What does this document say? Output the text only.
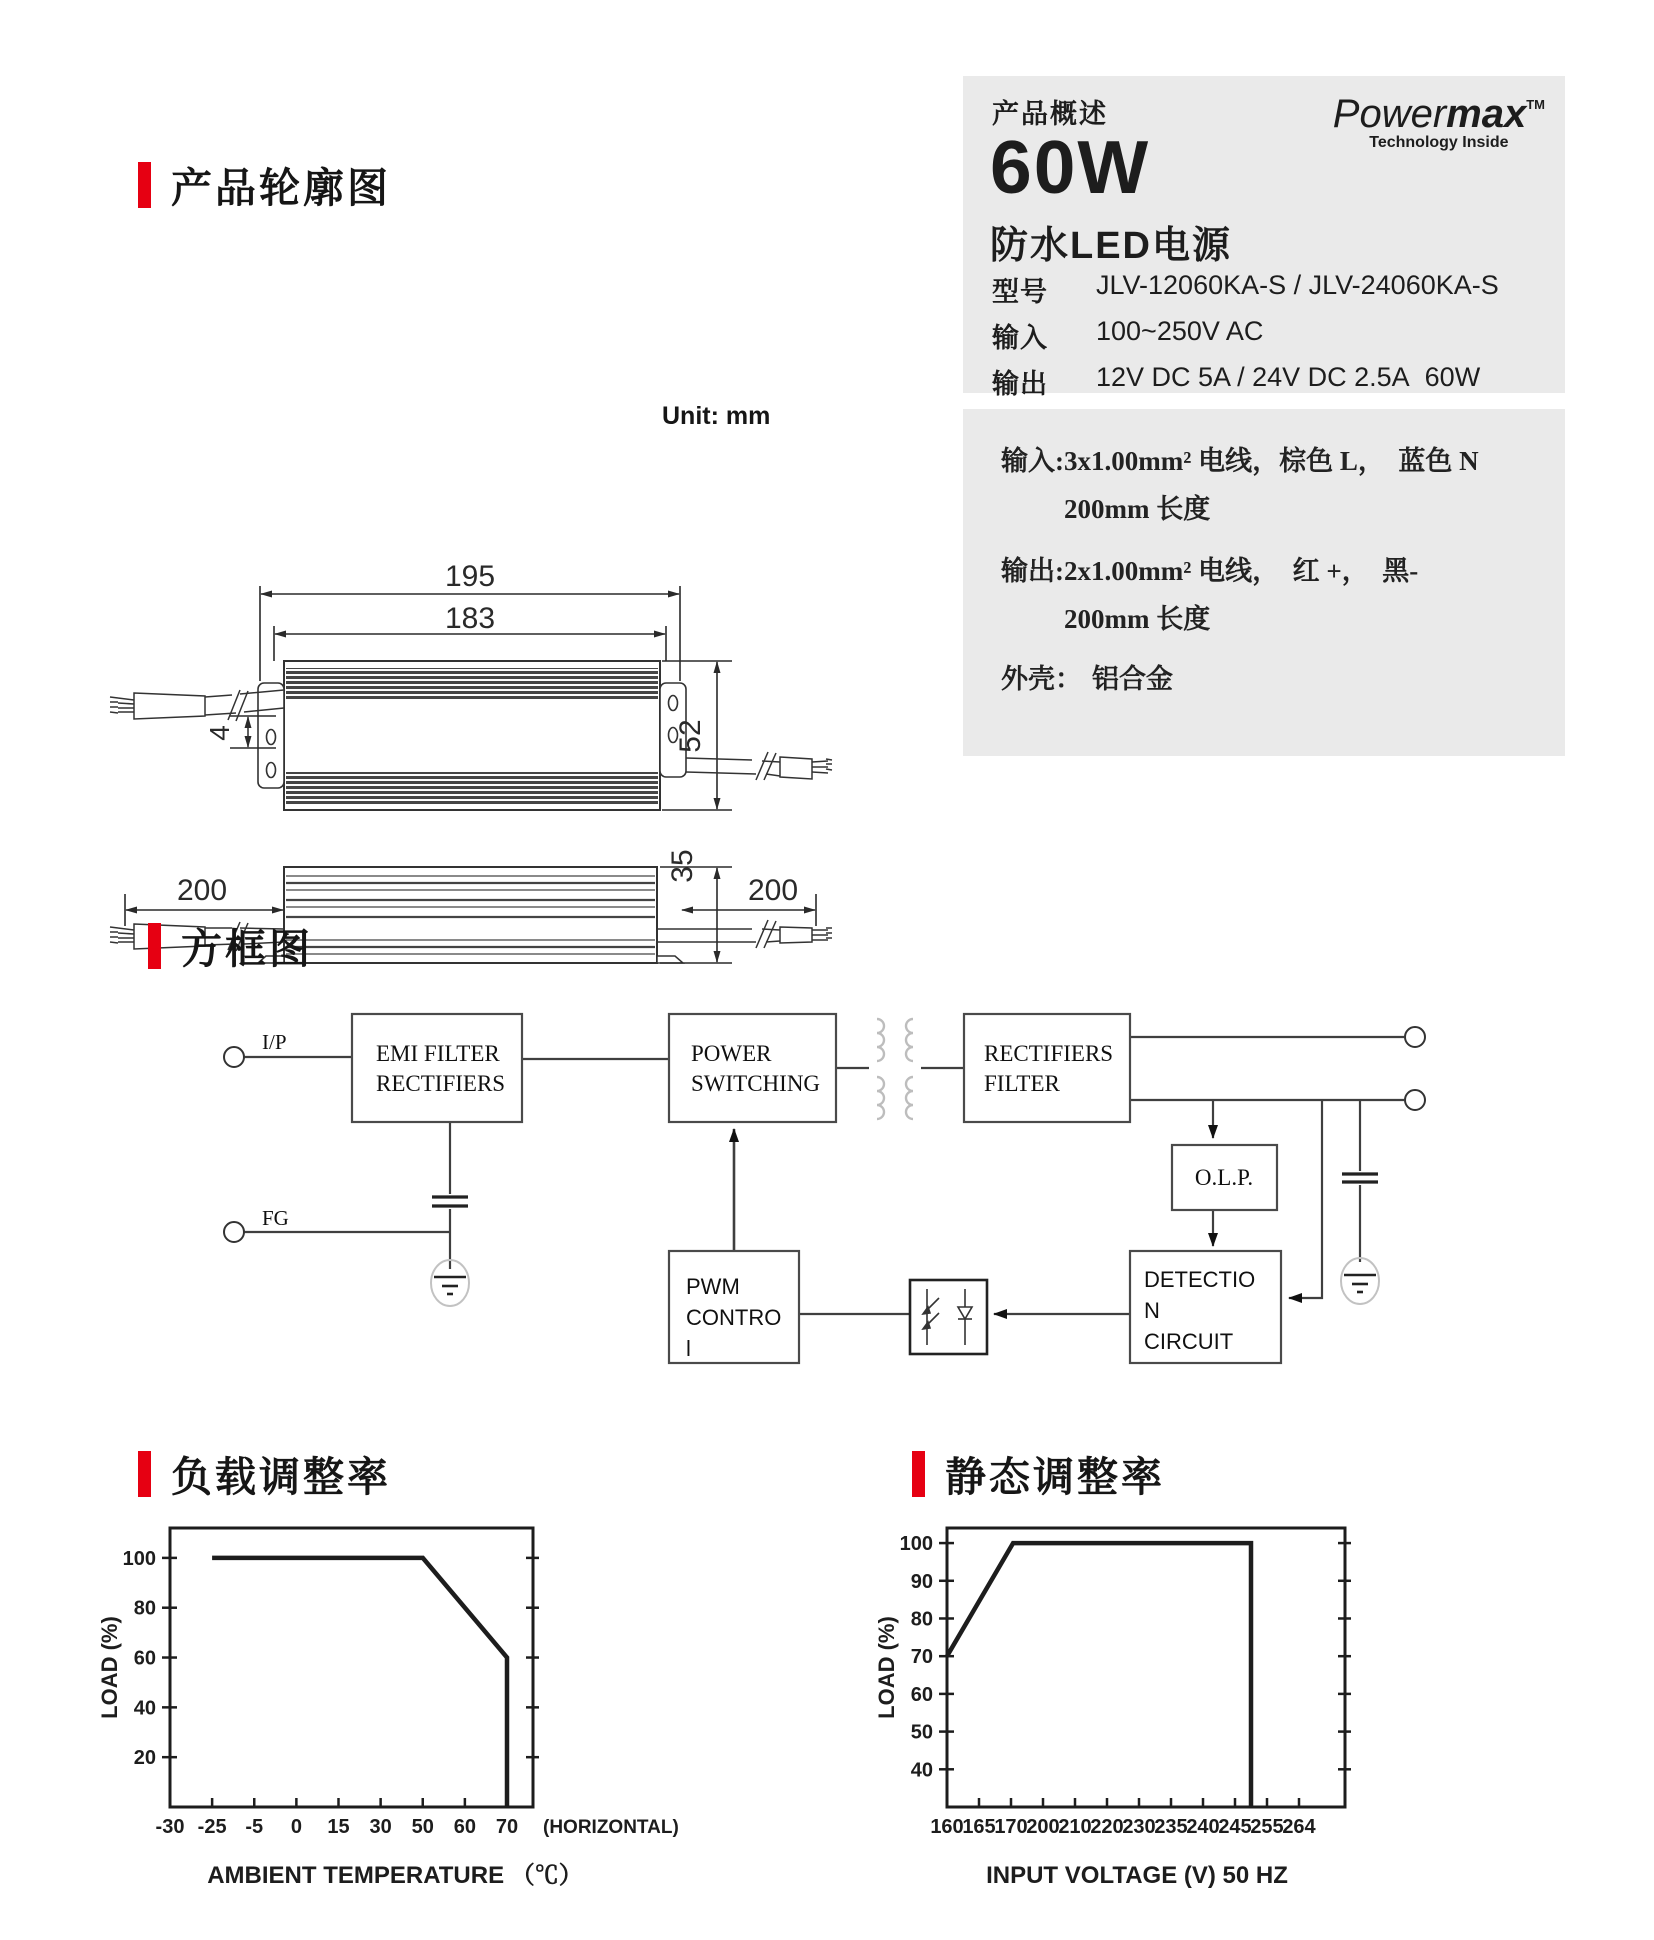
产品轮廓图
Unit: mm
195
183
52
4
200
35
200
产品概述	Powermax™
Technology Inside
60W
防水LED电源
型号	JLV-12060KA-S / JLV-24060KA-S
输入	100~250V AC
输出	12V DC 5A / 24V DC 2.5A  60W
输入: 3x1.00mm² 电线，棕色 L，　蓝色 N
200mm 长度
输出: 2x1.00mm² 电线，　红 +，　黑-
200mm 长度
外壳： 铝合金
方框图
I/P
FG
EMI FILTER
RECTIFIERS
POWER
SWITCHING
RECTIFIERS
FILTER
O.L.P.
PWM
CONTRO
l
DETECTIO
N
CIRCUIT
负载调整率	静态调整率
-30 -25 -5 0 15 30 50 60 70
20
40
60
80
100
LOAD (%)
AMBIENT TEMPERATURE （℃）
(HORIZONTAL)	160
165
170
200
210
220
230
235
240
245
255
264
40
50
60
70
80
90
100
LOAD (%)
INPUT VOLTAGE (V) 50 HZ
